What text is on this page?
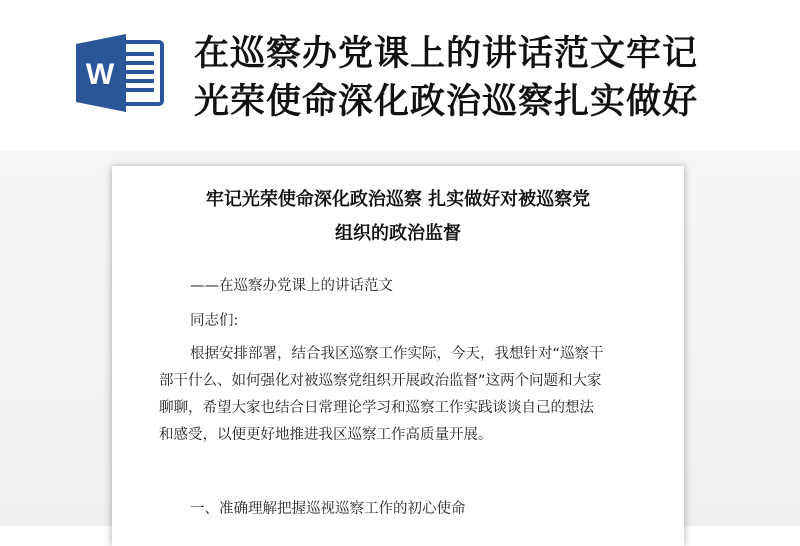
W
在巡察办党课上的讲话范文牢记
光荣使命深化政治巡察扎实做好
牢记光荣使命深化政治巡察 扎实做好对被巡察党
组织的政治监督
——在巡察办党课上的讲话范文
同志们:
根据安排部署，结合我区巡察工作实际，今天，我想针对“巡察干
部干什么、如何强化对被巡察党组织开展政治监督”这两个问题和大家
聊聊，希望大家也结合日常理论学习和巡察工作实践谈谈自己的想法
和感受，以便更好地推进我区巡察工作高质量开展。
一、准确理解把握巡视巡察工作的初心使命
